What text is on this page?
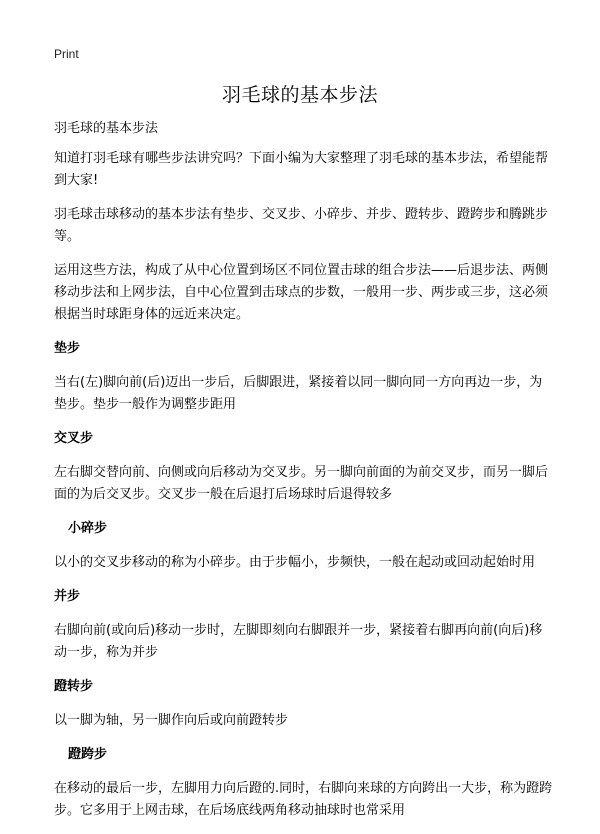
Print
羽毛球的基本步法

羽毛球的基本步法

知道打羽毛球有哪些步法讲究吗？下面小编为大家整理了羽毛球的基本步法，希望能帮到大家!

羽毛球击球移动的基本步法有垫步、交叉步、小碎步、并步、蹬转步、蹬跨步和腾跳步等。

运用这些方法，构成了从中心位置到场区不同位置击球的组合步法——后退步法、两侧移动步法和上网步法，自中心位置到击球点的步数，一般用一步、两步或三步，这必须根据当时球距身体的远近来决定。

垫步

当右(左)脚向前(后)迈出一步后，后脚跟进，紧接着以同一脚向同一方向再边一步，为垫步。垫步一般作为调整步距用

交叉步

左右脚交替向前、向侧或向后移动为交叉步。另一脚向前面的为前交叉步，而另一脚后面的为后交叉步。交叉步一般在后退打后场球时后退得较多

小碎步

以小的交叉步移动的称为小碎步。由于步幅小，步频快，一般在起动或回动起始时用

并步

右脚向前(或向后)移动一步时，左脚即刻向右脚跟并一步，紧接着右脚再向前(向后)移动一步，称为并步

蹬转步

以一脚为轴，另一脚作向后或向前蹬转步

蹬跨步

在移动的最后一步，左脚用力向后蹬的.同时，右脚向来球的方向跨出一大步，称为蹬跨步。它多用于上网击球，在后场底线两角移动抽球时也常采用
